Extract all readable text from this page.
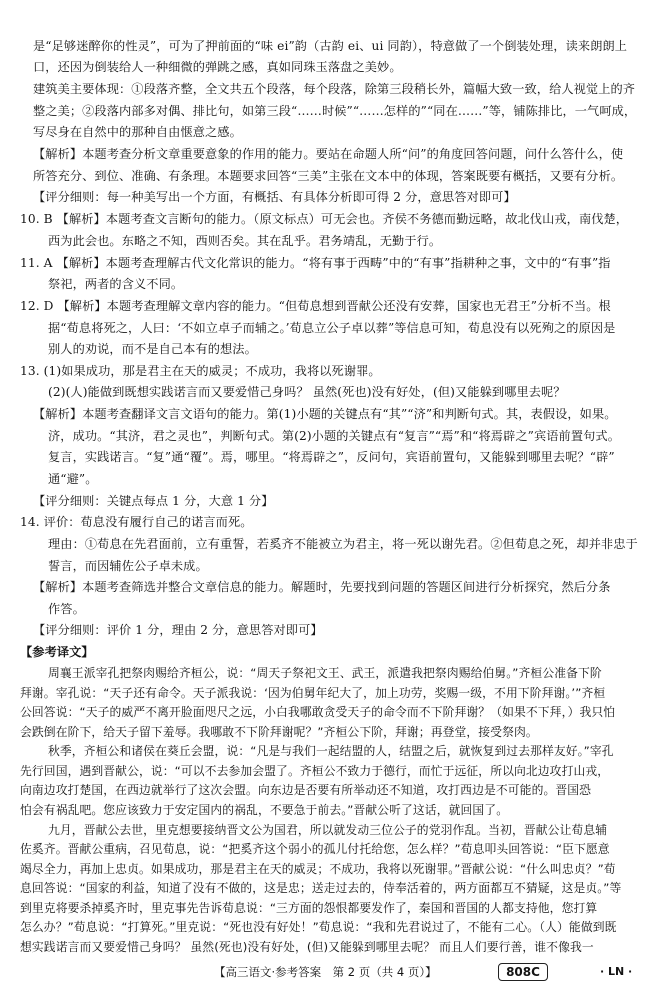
是“足够迷醉你的性灵”，可为了押前面的“味 ei”韵（古韵 ei、ui 同韵），特意做了一个倒装处理，读来朗朗上
口，还因为倒装给人一种细微的弹跳之感，真如同珠玉落盘之美妙。
建筑美主要体现：①段落齐整，全文共五个段落，每个段落，除第三段稍长外，篇幅大致一致，给人视觉上的齐
整之美；②段落内部多对偶、排比句，如第三段“……时候”“……怎样的”“同在……”等，铺陈排比，一气呵成，
写尽身在自然中的那种自由惬意之感。
【解析】本题考查分析文章重要意象的作用的能力。要站在命题人所“问”的角度回答问题，问什么答什么，使
所答充分、到位、准确、有条理。本题要求回答“三美”主张在文本中的体现，答案既要有概括，又要有分析。
【评分细则：每一种美写出一个方面，有概括、有具体分析即可得 2 分，意思答对即可】
10. B 【解析】本题考查文言断句的能力。（原文标点）可无会也。齐侯不务德而勤远略，故北伐山戎，南伐楚，
西为此会也。东略之不知，西则否矣。其在乱乎。君务靖乱，无勤于行。
11. A 【解析】本题考查理解古代文化常识的能力。“将有事于西畴”中的“有事”指耕种之事，文中的“有事”指
祭祀，两者的含义不同。
12. D 【解析】本题考查理解文章内容的能力。“但荀息想到晋献公还没有安葬，国家也无君王”分析不当。根
据“荀息将死之，人曰：‘不如立卓子而辅之。’荀息立公子卓以葬”等信息可知，荀息没有以死殉之的原因是
别人的劝说，而不是自己本有的想法。
13. (1)如果成功，那是君主在天的威灵；不成功，我将以死谢罪。
(2)(人)能做到既想实践诺言而又要爱惜己身吗？ 虽然(死也)没有好处，(但)又能躲到哪里去呢？
【解析】本题考查翻译文言文语句的能力。第(1)小题的关键点有“其”“济”和判断句式。其，表假设，如果。
济，成功。“其济，君之灵也”，判断句式。第(2)小题的关键点有“复言”“焉”和“将焉辟之”宾语前置句式。
复言，实践诺言。“复”通“覆”。焉，哪里。“将焉辟之”，反问句，宾语前置句，又能躲到哪里去呢？“辟”
通“避”。
【评分细则：关键点每点 1 分，大意 1 分】
14. 评价：荀息没有履行自己的诺言而死。
理由：①荀息在先君面前，立有重誓，若奚齐不能被立为君主，将一死以谢先君。②但荀息之死，却并非忠于
誓言，而因辅佐公子卓未成。
【解析】本题考查筛选并整合文章信息的能力。解题时，先要找到问题的答题区间进行分析探究，然后分条
作答。
【评分细则：评价 1 分，理由 2 分，意思答对即可】
【参考译文】
周襄王派宰孔把祭肉赐给齐桓公，说：“周天子祭祀文王、武王，派遣我把祭肉赐给伯舅。”齐桓公准备下阶
拜谢。宰孔说：“天子还有命令。天子派我说：‘因为伯舅年纪大了，加上功劳，奖赐一级，不用下阶拜谢。’”齐桓
公回答说：“天子的威严不离开脸面咫尺之远，小白我哪敢贪受天子的命令而不下阶拜谢？（如果不下拜，）我只怕
会跌倒在阶下，给天子留下羞辱。我哪敢不下阶拜谢呢？”齐桓公下阶，拜谢；再登堂，接受祭肉。
秋季，齐桓公和诸侯在葵丘会盟，说：“凡是与我们一起结盟的人，结盟之后，就恢复到过去那样友好。”宰孔
先行回国，遇到晋献公，说：“可以不去参加会盟了。齐桓公不致力于德行，而忙于远征，所以向北边攻打山戎，
向南边攻打楚国，在西边就举行了这次会盟。向东边是否要有所举动还不知道，攻打西边是不可能的。晋国恐
怕会有祸乱吧。您应该致力于安定国内的祸乱，不要急于前去。”晋献公听了这话，就回国了。
九月，晋献公去世，里克想要接纳晋文公为国君，所以就发动三位公子的党羽作乱。当初，晋献公让荀息辅
佐奚齐。晋献公重病，召见荀息，说：“把奚齐这个弱小的孤儿付托给您，怎么样？”荀息叩头回答说：“臣下愿意
竭尽全力，再加上忠贞。如果成功，那是君主在天的威灵；不成功，我将以死谢罪。”晋献公说：“什么叫忠贞？”荀
息回答说：“国家的利益，知道了没有不做的，这是忠；送走过去的，侍奉活着的，两方面都互不猜疑，这是贞。”等
到里克将要杀掉奚齐时，里克事先告诉荀息说：“三方面的怨恨都要发作了，秦国和晋国的人都支持他，您打算
怎么办？”荀息说：“打算死。”里克说：“死也没有好处！”荀息说：“我和先君说过了，不能有二心。（人）能做到既
想实践诺言而又要爱惜己身吗？ 虽然(死也)没有好处，(但)又能躲到哪里去呢？ 而且人们要行善，谁不像我一
【高三语文·参考答案　第 2 页（共 4 页）】	808C	· LN ·
